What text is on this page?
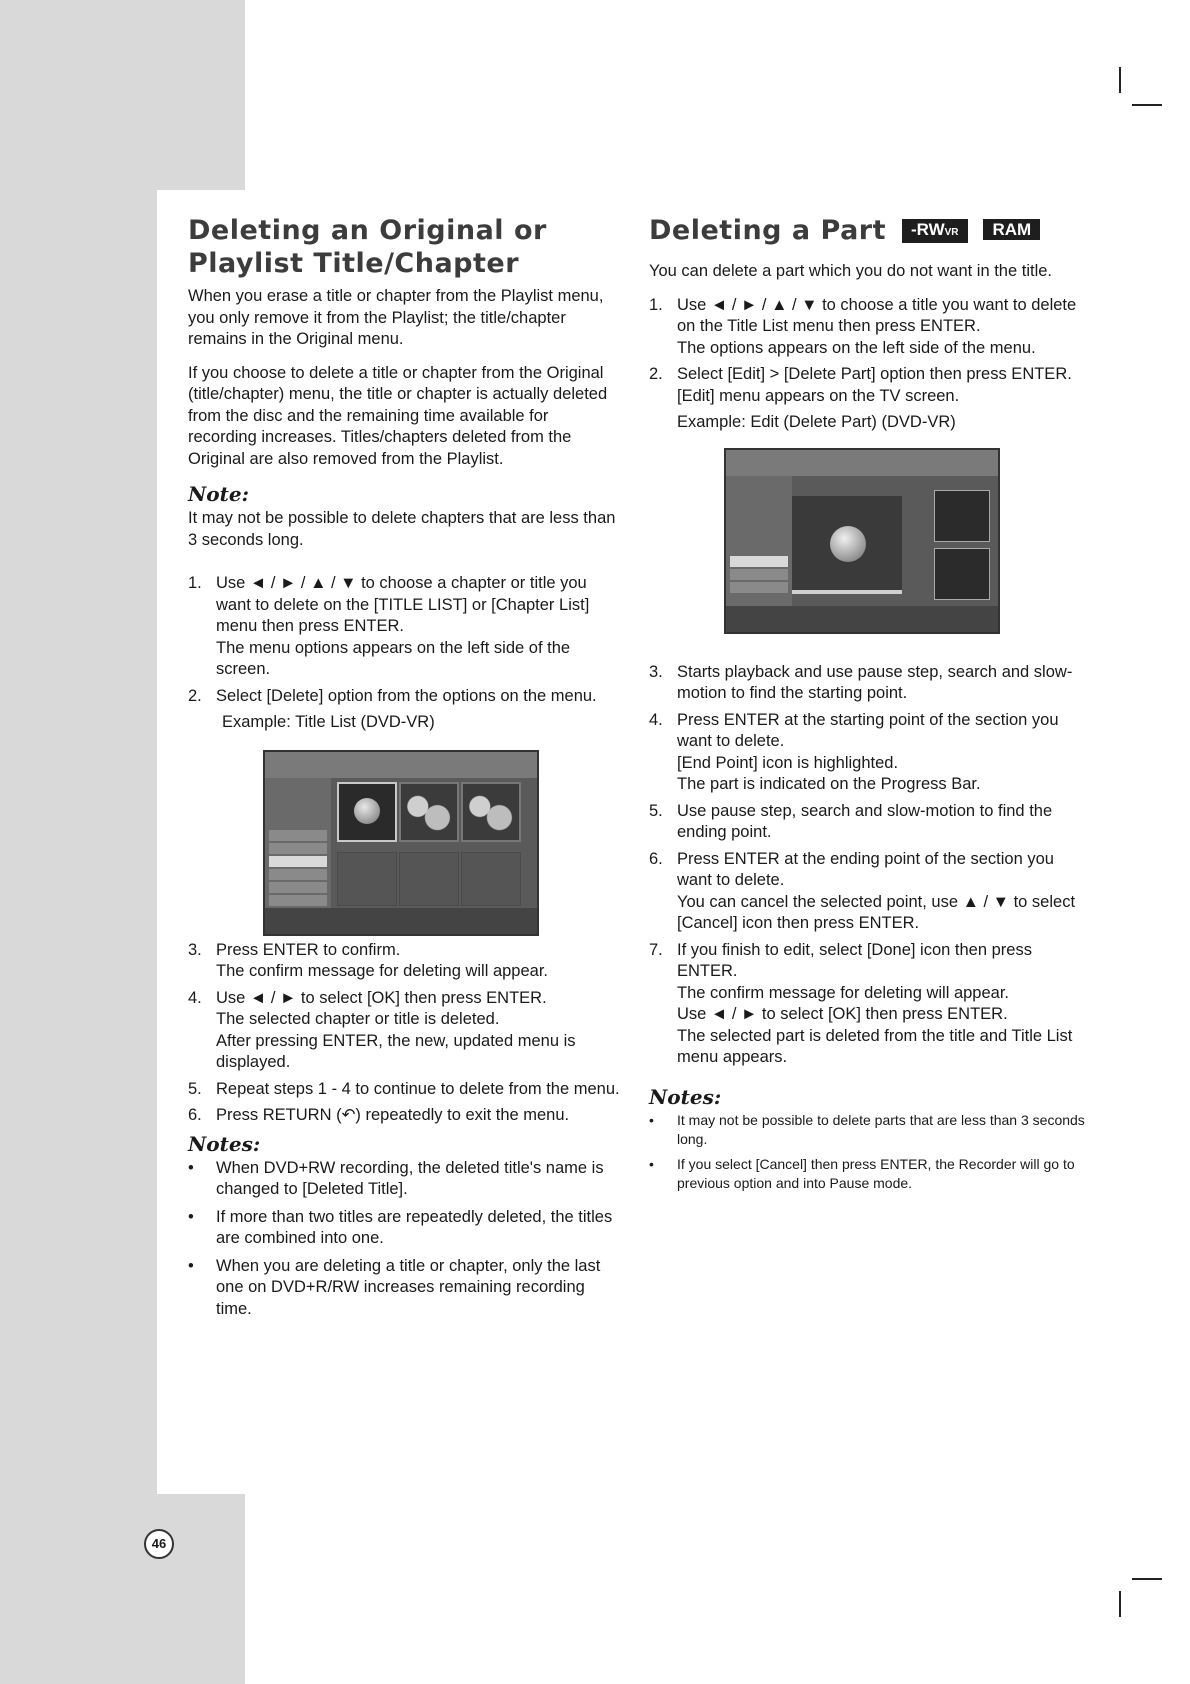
Deleting an Original or Playlist Title/Chapter

When you erase a title or chapter from the Playlist menu, you only remove it from the Playlist; the title/chapter remains in the Original menu.

If you choose to delete a title or chapter from the Original (title/chapter) menu, the title or chapter is actually deleted from the disc and the remaining time available for recording increases. Titles/chapters deleted from the Original are also removed from the Playlist.

Note:

It may not be possible to delete chapters that are less than 3 seconds long.

1. Use ◄ / ► / ▲ / ▼ to choose a chapter or title you want to delete on the [TITLE LIST] or [Chapter List] menu then press ENTER.
The menu options appears on the left side of the screen.
2. Select [Delete] option from the options on the menu.
Example: Title List (DVD-VR)
3. Press ENTER to confirm.
The confirm message for deleting will appear.
4. Use ◄ / ► to select [OK] then press ENTER.
The selected chapter or title is deleted.
After pressing ENTER, the new, updated menu is displayed.
5. Repeat steps 1 - 4 to continue to delete from the menu.
6. Press RETURN (↶) repeatedly to exit the menu.
Notes:
• When DVD+RW recording, the deleted title's name is changed to [Deleted Title].
• If more than two titles are repeatedly deleted, the titles are combined into one.
• When you are deleting a title or chapter, only the last one on DVD+R/RW increases remaining recording time.
Deleting a Part -RWVR RAM

You can delete a part which you do not want in the title.

1. Use ◄ / ► / ▲ / ▼ to choose a title you want to delete on the Title List menu then press ENTER.
The options appears on the left side of the menu.
2. Select [Edit] > [Delete Part] option then press ENTER.
[Edit] menu appears on the TV screen.
Example: Edit (Delete Part) (DVD-VR)
3. Starts playback and use pause step, search and slow-motion to find the starting point.
4. Press ENTER at the starting point of the section you want to delete.
[End Point] icon is highlighted.
The part is indicated on the Progress Bar.
5. Use pause step, search and slow-motion to find the ending point.
6. Press ENTER at the ending point of the section you want to delete.
You can cancel the selected point, use ▲ / ▼ to select [Cancel] icon then press ENTER.
7. If you finish to edit, select [Done] icon then press ENTER.
The confirm message for deleting will appear.
Use ◄ / ► to select [OK] then press ENTER.
The selected part is deleted from the title and Title List menu appears.
Notes:
• It may not be possible to delete parts that are less than 3 seconds long.
• If you select [Cancel] then press ENTER, the Recorder will go to previous option and into Pause mode.
46
